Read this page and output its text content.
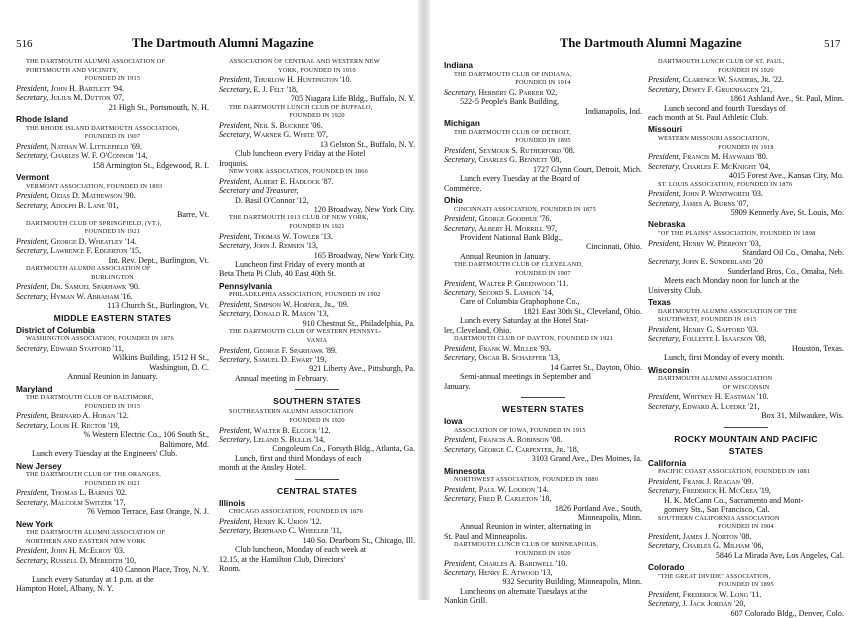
516	The Dartmouth Alumni Magazine
THE DARTMOUTH ALUMNI ASSOCIATION OF
PORTSMOUTH AND VICINITY,
FOUNDED IN 1915
President, John H. Bartlett '94.
Secretary, Julius M. Dutton '07,
21 High St., Portsmouth, N. H.
Rhode Island
THE RHODE ISLAND DARTMOUTH ASSOCIATION,
FOUNDED IN 1907
President, Nathan W. Littlefield '69.
Secretary, Charles W. F. O'Connor '14,
158 Armington St., Edgewood, R. I.
Vermont
VERMONT ASSOCIATION, FOUNDED IN 1893
President, Ozias D. Mathewson '90.
Secretary, Adolph B. Lane '01,
Barre, Vt.
DARTMOUTH CLUB OF SPRINGFIELD, (VT.),
FOUNDED IN 1921
President, George D. Wheatley '14.
Secretary, Lawrence F. Edgerton '15,
Int. Rev. Dept., Burlington, Vt.
DARTMOUTH ALUMNI ASSOCIATION OF
BURLINGTON
President, Dr. Samuel Sparhawk '90.
Secretary, Hyman W. Abraham '16.
113 Church St., Burlington, Vt.
MIDDLE EASTERN STATES
District of Columbia
WASHINGTON ASSOCIATION, FOUNDED IN 1876
Secretary, Edward Stafford '11,
Wilkins Building, 1512 H St.,
Washington, D. C.
Annual Reunion in January.
Maryland
THE DARTMOUTH CLUB OF BALTIMORE,
FOUNDED IN 1915
President, Bernard A. Hoban '12.
Secretary, Louis H. Rector '19,
% Western Electric Co., 106 South St.,
Baltimore, Md.
Lunch every Tuesday at the Engineers' Club.
New Jersey
THE DARTMOUTH CLUB OF THE ORANGES,
FOUNDED IN 1921
President, Thomas L. Barnes '02.
Secretary, Malcolm Switzer '17,
76 Vernon Terrace, East Orange, N. J.
New York
THE DARTMOUTH ALUMNI ASSOCIATION OF
NORTHERN AND EASTERN NEW YORK
President, John H. McElroy '03.
Secretary, Russell D. Meredith '10,
410 Cannon Place, Troy, N. Y.
Lunch every Saturday at 1 p.m. at the
Hampton Hotel, Albany, N. Y.
ASSOCIATION OF CENTRAL AND WESTERN NEW
YORK, FOUNDED IN 1910
President, Thurlow H. Huntington '10.
Secretary, E. J. Felt '18,
705 Niagara Life Bldg., Buffalo, N. Y.
THE DARTMOUTH LUNCH CLUB OF BUFFALO,
FOUNDED IN 1920
President, Neil S. Buckbee '06.
Secretary, Warner G. White '07,
13 Gelston St., Buffalo, N. Y.
Club luncheon every Friday at the Hotel
Iroquois.
NEW YORK ASSOCIATION, FOUNDED IN 1866
President, Albert E. Hadlock '87.
Secretary and Treasurer,
D. Basil O'Connor '12,
120 Broadway, New York City.
THE DARTMOUTH 1913 CLUB OF NEW YORK,
FOUNDED IN 1921
President, Thomas W. Towler '13.
Secretary, John J. Remsen '13,
165 Broadway, New York City.
Luncheon first Friday of every month at
Beta Theta Pi Club, 40 East 40th St.
Pennsylvania
PHILADELPHIA ASSOCIATION, FOUNDED IN 1902
President, Simpson W. Horner, Jr., '09.
Secretary, Donald R. Mason '13,
910 Chestnut St., Philadelphia, Pa.
THE DARTMOUTH CLUB OF WESTERN PENNSYL-
VANIA
President, George F. Sparhawk '89.
Secretary, Samuel D. Ewart '19,
921 Liberty Ave., Pittsburgh, Pa.
Annual meeting in February.
SOUTHERN STATES
SOUTHEASTERN ALUMNI ASSOCIATION
FOUNDED IN 1920
President, Walter B. Elcock '12.
Secretary, Leland S. Bullis '14,
Congoleum Co., Forsyth Bldg., Atlanta, Ga.
Lunch, first and third Mondays of each
month at the Ansley Hotel.
CENTRAL STATES
Illinois
CHICAGO ASSOCIATION, FOUNDED IN 1876
President, Henry K. Urion '12.
Secretary, Bertrand C. Wheeler '11,
140 So. Dearborn St., Chicago, Ill.
Club luncheon, Monday of each week at
12.15, at the Hamilton Club, Directors'
Room.
The Dartmouth Alumni Magazine	517
Indiana
THE DARTMOUTH CLUB OF INDIANA,
FOUNDED IN 1914
Secretary, Herbert G. Parker '02,
522-5 People's Bank Building,
Indianapolis, Ind.
Michigan
THE DARTMOUTH CLUB OF DETROIT,
FOUNDED IN 1895
President, Seymour S. Rutherford '08.
Secretary, Charles G. Bennett '08,
1727 Glynn Court, Detroit, Mich.
Lunch every Tuesday at the Board of
Commerce.
Ohio
CINCINNATI ASSOCIATION, FOUNDED IN 1875
President, George Goodhue '76.
Secretary, Albert H. Morrill '97,
Provident National Bank Bldg.,
Cincinnati, Ohio.
Annual Reunion in January.
THE DARTMOUTH CLUB OF CLEVELAND,
FOUNDED IN 1907
President, Walter P. Greenwood '11.
Secretary, Secord S. Lamson '14,
Care of Columbia Graphophone Co.,
1821 East 30th St., Cleveland, Ohio.
Lunch every Saturday at the Hotel Stat-
ler, Cleveland, Ohio.
DARTMOUTH CLUB OF DAYTON, FOUNDED IN 1921
President, Frank W. Miller '93.
Secretary, Oscar B. Schaeffer '13,
14 Garret St., Dayton, Ohio.
Semi-annual meetings in September and
January.
WESTERN STATES
Iowa
ASSOCIATION OF IOWA, FOUNDED IN 1915
President, Francis A. Robinson '08.
Secretary, George C. Carpenter, Jr. '18,
3103 Grand Ave., Des Moines, Ia.
Minnesota
NORTHWEST ASSOCIATION, FOUNDED IN 1880
President, Paul W. Loudon '14.
Secretary, Fred P. Carleton '18,
1826 Portland Ave., South,
Minneapolis, Minn.
Annual Reunion in winter, alternating in
St. Paul and Minneapolis.
DARTMOUTH LUNCH CLUB OF MINNEAPOLIS,
FOUNDED IN 1920
President, Charles A. Bardwell '10.
Secretary, Henry E. Atwood '13,
932 Security Building, Minneapolis, Minn.
Luncheons on alternate Tuesdays at the
Nankin Grill.
DARTMOUTH LUNCH CLUB OF ST. PAUL,
FOUNDED IN 1920
President, Clarence W. Sanders, Jr. '22.
Secretary, Dewey F. Gruenhagen '21,
1861 Ashland Ave., St. Paul, Minn.
Lunch second and fourth Tuesdays of
each month at St. Paul Athletic Club.
Missouri
WESTERN MISSOURI ASSOCIATION,
FOUNDED IN 1918
President, Francis M. Hayward '80.
Secretary, Charles F. McKnight '04,
4015 Forest Ave., Kansas City, Mo.
ST. LOUIS ASSOCIATION, FOUNDED IN 1876
President, John P. Wentworth '03.
Secretary, James A. Burns '07,
5909 Kennerly Ave, St. Louis, Mo.
Nebraska
"OF THE PLAINS" ASSOCIATION, FOUNDED IN 1898
President, Henry W. Pierpont '03,
Standard Oil Co., Omaha, Neb.
Secretary, John E. Sunderland '20
Sunderland Bros. Co., Omaha, Neb.
Meets each Monday noon for lunch at the
University Club.
Texas
DARTMOUTH ALUMNI ASSOCIATION OF THE
SOUTHWEST, FOUNDED IN 1915
President, Henry G. Safford '03.
Secretary, Follette I. Isaacson '08,
Houston, Texas.
Lunch, first Monday of every month.
Wisconsin
DARTMOUTH ALUMNI ASSOCIATION
OF WISCONSIN
President, Whitney H. Eastman '10.
Secretary, Edward A. Luedke '21,
Box 31, Milwaukee, Wis.
ROCKY MOUNTAIN AND PACIFIC
STATES
California
PACIFIC COAST ASSOCIATION, FOUNDED IN 1881
President, Frank J. Reagan '09.
Secretary, Frederick H. McCrea '19,
H. K. McCann Co., Sacramento and Mont-
gomery Sts., San Francisco, Cal.
SOUTHERN CALIFORNIA ASSOCIATION
FOUNDED IN 1904
President, James J. Norton '08.
Secretary, Charles G. Milham '06,
5846 La Mirada Ave, Los Angeles, Cal.
Colorado
"THE GREAT DIVIDE" ASSOCIATION,
FOUNDED IN 1895
President, Frederick W. Long '11.
Secretary, J. Jack Jordan '20,
607 Colorado Bldg., Denver, Colo.
